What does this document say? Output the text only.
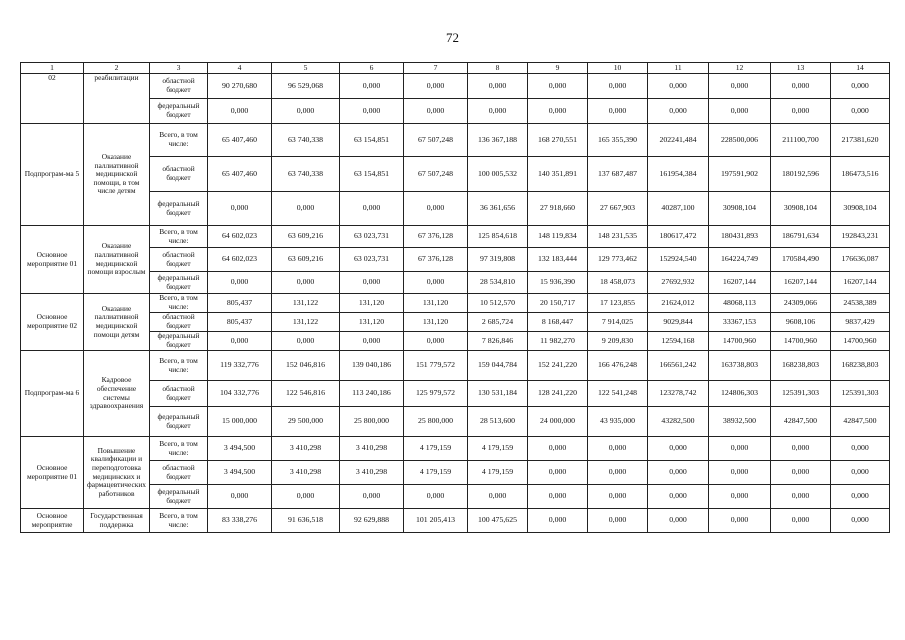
72
1	2	3	4	5	6	7	8	9	10	11	12	13	14
02	реабилитации	областной бюджет	90 270,680	96 529,068	0,000	0,000	0,000	0,000	0,000	0,000	0,000	0,000	0,000
		федеральный бюджет	0,000	0,000	0,000	0,000	0,000	0,000	0,000	0,000	0,000	0,000	0,000
Подпрограм-ма 5	Оказание паллиативной медицинской помощи, в том числе детям	Всего, в том числе:	65 407,460	63 740,338	63 154,851	67 507,248	136 367,188	168 270,551	165 355,390	202241,484	228500,006	211100,700	217381,620
		областной бюджет	65 407,460	63 740,338	63 154,851	67 507,248	100 005,532	140 351,891	137 687,487	161954,384	197591,902	180192,596	186473,516
		федеральный бюджет	0,000	0,000	0,000	0,000	36 361,656	27 918,660	27 667,903	40287,100	30908,104	30908,104	30908,104
Основное мероприятие 01	Оказание паллиативной медицинской помощи взрослым	Всего, в том числе:	64 602,023	63 609,216	63 023,731	67 376,128	125 854,618	148 119,834	148 231,535	180617,472	180431,893	186791,634	192843,231
		областной бюджет	64 602,023	63 609,216	63 023,731	67 376,128	97 319,808	132 183,444	129 773,462	152924,540	164224,749	170584,490	176636,087
		федеральный бюджет	0,000	0,000	0,000	0,000	28 534,810	15 936,390	18 458,073	27692,932	16207,144	16207,144	16207,144
Основное мероприятие 02	Оказание паллиативной медицинской помощи детям	Всего, в том числе:	805,437	131,122	131,120	131,120	10 512,570	20 150,717	17 123,855	21624,012	48068,113	24309,066	24538,389
		областной бюджет	805,437	131,122	131,120	131,120	2 685,724	8 168,447	7 914,025	9029,844	33367,153	9608,106	9837,429
		федеральный бюджет	0,000	0,000	0,000	0,000	7 826,846	11 982,270	9 209,830	12594,168	14700,960	14700,960	14700,960
Подпрограм-ма 6	Кадровое обеспечение системы здравоохранения	Всего, в том числе:	119 332,776	152 046,816	139 040,186	151 779,572	159 044,784	152 241,220	166 476,248	166561,242	163738,803	168238,803	168238,803
		областной бюджет	104 332,776	122 546,816	113 240,186	125 979,572	130 531,184	128 241,220	122 541,248	123278,742	124806,303	125391,303	125391,303
		федеральный бюджет	15 000,000	29 500,000	25 800,000	25 800,000	28 513,600	24 000,000	43 935,000	43282,500	38932,500	42847,500	42847,500
Основное мероприятие 01	Повышение квалификации и переподготовка медицинских и фармацевтических работников	Всего, в том числе:	3 494,500	3 410,298	3 410,298	4 179,159	4 179,159	0,000	0,000	0,000	0,000	0,000	0,000
		областной бюджет	3 494,500	3 410,298	3 410,298	4 179,159	4 179,159	0,000	0,000	0,000	0,000	0,000	0,000
		федеральный бюджет	0,000	0,000	0,000	0,000	0,000	0,000	0,000	0,000	0,000	0,000	0,000
Основное мероприятие	Государственная поддержка	Всего, в том числе:	83 338,276	91 636,518	92 629,888	101 205,413	100 475,625	0,000	0,000	0,000	0,000	0,000	0,000
